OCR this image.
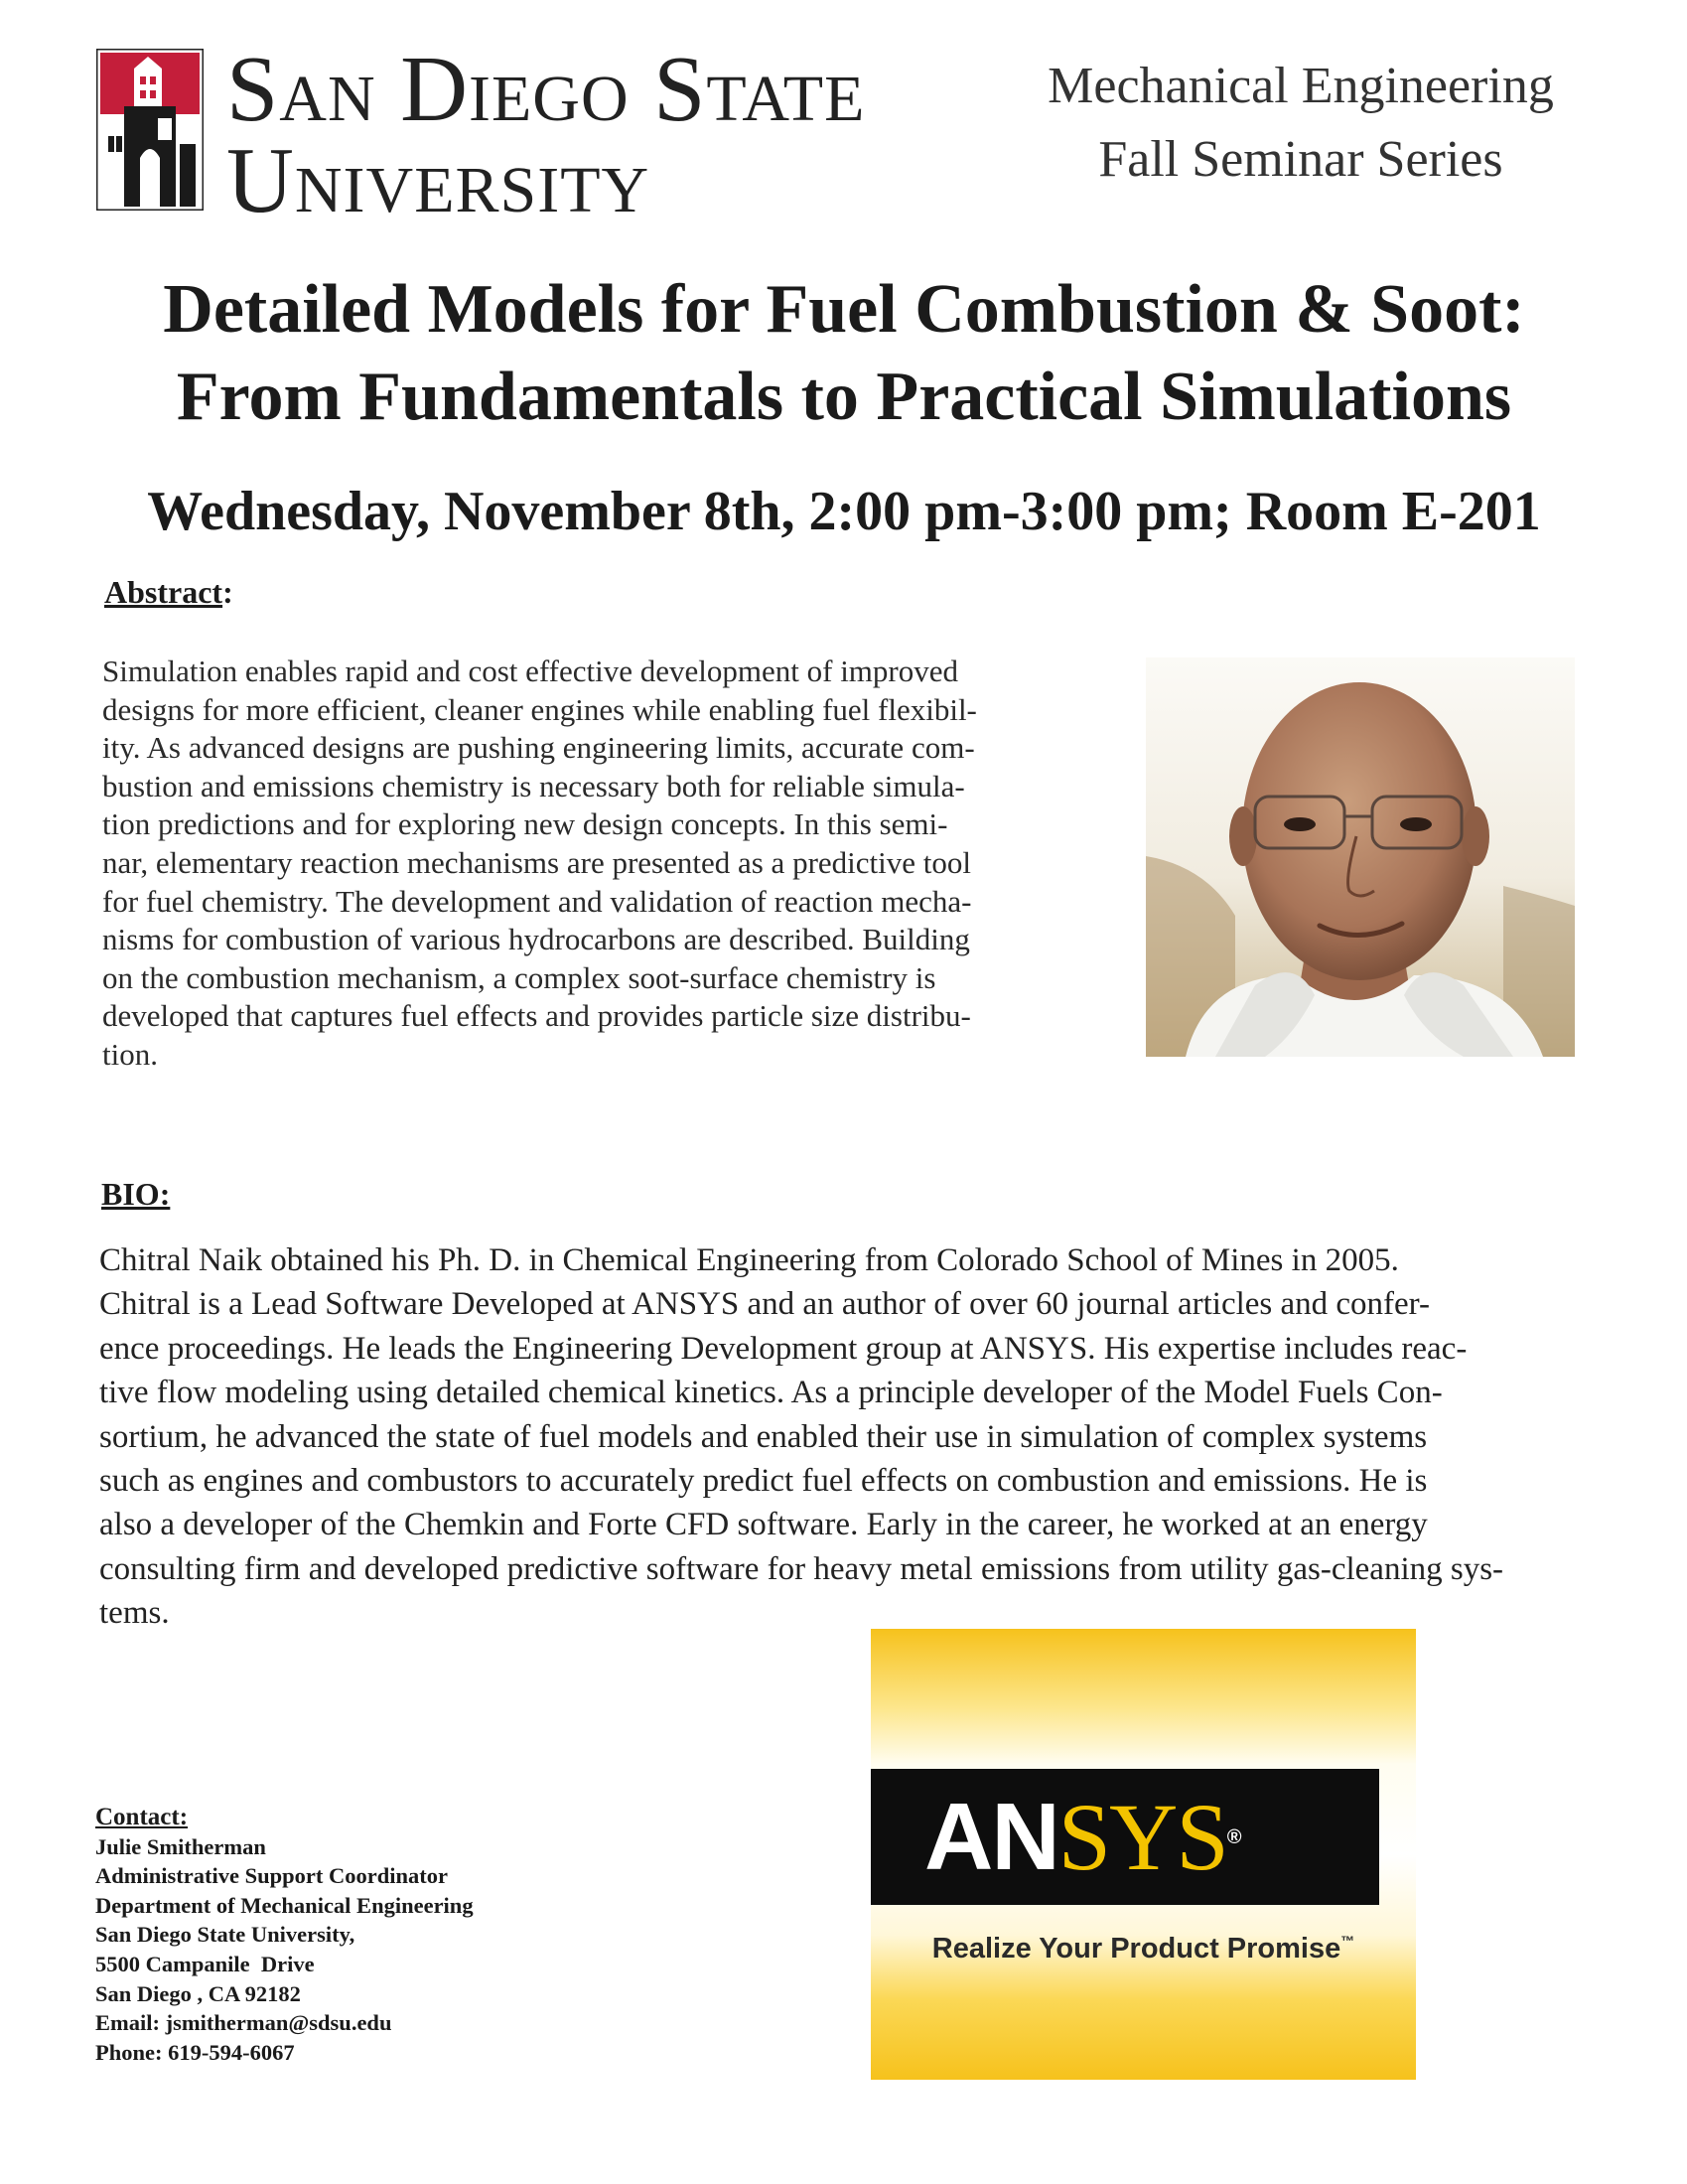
San Diego State
University
Mechanical Engineering
Fall Seminar Series
Detailed Models for Fuel Combustion & Soot:
From Fundamentals to Practical Simulations
Wednesday, November 8th, 2:00 pm-3:00 pm; Room E-201
Abstract:
Simulation enables rapid and cost effective development of improved
designs for more efficient, cleaner engines while enabling fuel flexibil-
ity. As advanced designs are pushing engineering limits, accurate com-
bustion and emissions chemistry is necessary both for reliable simula-
tion predictions and for exploring new design concepts. In this semi-
nar, elementary reaction mechanisms are presented as a predictive tool
for fuel chemistry. The development and validation of reaction mecha-
nisms for combustion of various hydrocarbons are described. Building
on the combustion mechanism, a complex soot-surface chemistry is
developed that captures fuel effects and provides particle size distribu-
tion.
BIO:
Chitral Naik obtained his Ph. D. in Chemical Engineering from Colorado School of Mines in 2005.
Chitral is a Lead Software Developed at ANSYS and an author of over 60 journal articles and confer-
ence proceedings. He leads the Engineering Development group at ANSYS. His expertise includes reac-
tive flow modeling using detailed chemical kinetics. As a principle developer of the Model Fuels Con-
sortium, he advanced the state of fuel models and enabled their use in simulation of complex systems
such as engines and combustors to accurately predict fuel effects on combustion and emissions. He is
also a developer of the Chemkin and Forte CFD software. Early in the career, he worked at an energy
consulting firm and developed predictive software for heavy metal emissions from utility gas-cleaning sys-
tems.
Contact:
Julie Smitherman
Administrative Support Coordinator
Department of Mechanical Engineering
San Diego State University,
5500 Campanile  Drive
San Diego , CA 92182
Email: jsmitherman@sdsu.edu
Phone: 619-594-6067
ANSYS®
Realize Your Product Promise™
